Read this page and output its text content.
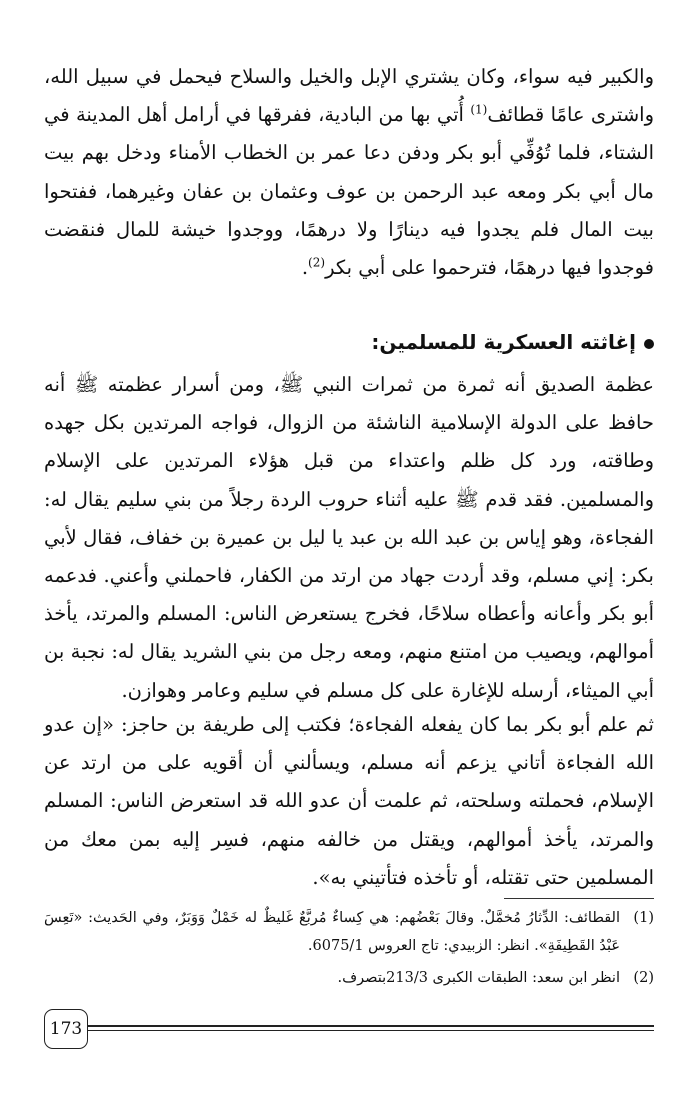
والكبير فيه سواء، وكان يشتري الإبل والخيل والسلاح فيحمل في سبيل الله، واشترى عامًا قطائف$^{(1)}$ أُتي بها من البادية، ففرقها في أرامل أهل المدينة في الشتاء، فلما تُوُفِّي أبو بكر ودفن دعا عمر بن الخطاب الأمناء ودخل بهم بيت مال أبي بكر ومعه عبد الرحمن بن عوف وعثمان بن عفان وغيرهما، ففتحوا بيت المال فلم يجدوا فيه دينارًا ولا درهمًا، ووجدوا خيشة للمال فنقضت فوجدوا فيها درهمًا، فترحموا على أبي بكر$^{(2)}$.

إغاثته العسكرية للمسلمين:

عظمة الصديق أنه ثمرة من ثمرات النبي ﷺ، ومن أسرار عظمته ﷺ أنه حافظ على الدولة الإسلامية الناشئة من الزوال، فواجه المرتدين بكل جهده وطاقته، ورد كل ظلم واعتداء من قبل هؤلاء المرتدين على الإسلام والمسلمين. فقد قدم ﷺ عليه أثناء حروب الردة رجلاً من بني سليم يقال له: الفجاءة، وهو إياس بن عبد الله بن عبد يا ليل بن عميرة بن خفاف، فقال لأبي بكر: إني مسلم، وقد أردت جهاد من ارتد من الكفار، فاحملني وأعني. فدعمه أبو بكر وأعانه وأعطاه سلاحًا، فخرج يستعرض الناس: المسلم والمرتد، يأخذ أموالهم، ويصيب من امتنع منهم، ومعه رجل من بني الشريد يقال له: نجبة بن أبي الميثاء، أرسله للإغارة على كل مسلم في سليم وعامر وهوازن.

ثم علم أبو بكر بما كان يفعله الفجاءة؛ فكتب إلى طريفة بن حاجز: «إن عدو الله الفجاءة أتاني يزعم أنه مسلم، ويسألني أن أقويه على من ارتد عن الإسلام، فحملته وسلحته، ثم علمت أن عدو الله قد استعرض الناس: المسلم والمرتد، يأخذ أموالهم، ويقتل من خالفه منهم، فسِر إليه بمن معك من المسلمين حتى تقتله، أو تأخذه فتأتيني به».

(1)
القطائف: الدِّثارُ مُخمَّلٌ. وقالَ بَعْضُهم: هي كِساءٌ مُربَّعٌ غَليظٌ له خَمْلٌ وَوَبَرٌ، وفي الحَديث: «تَعِسَ عَبْدُ القَطِيفَةِ». انظر: الزبيدي: تاج العروس 6075/1.
(2)
انظر ابن سعد: الطبقات الكبرى 213/3بتصرف.
173
